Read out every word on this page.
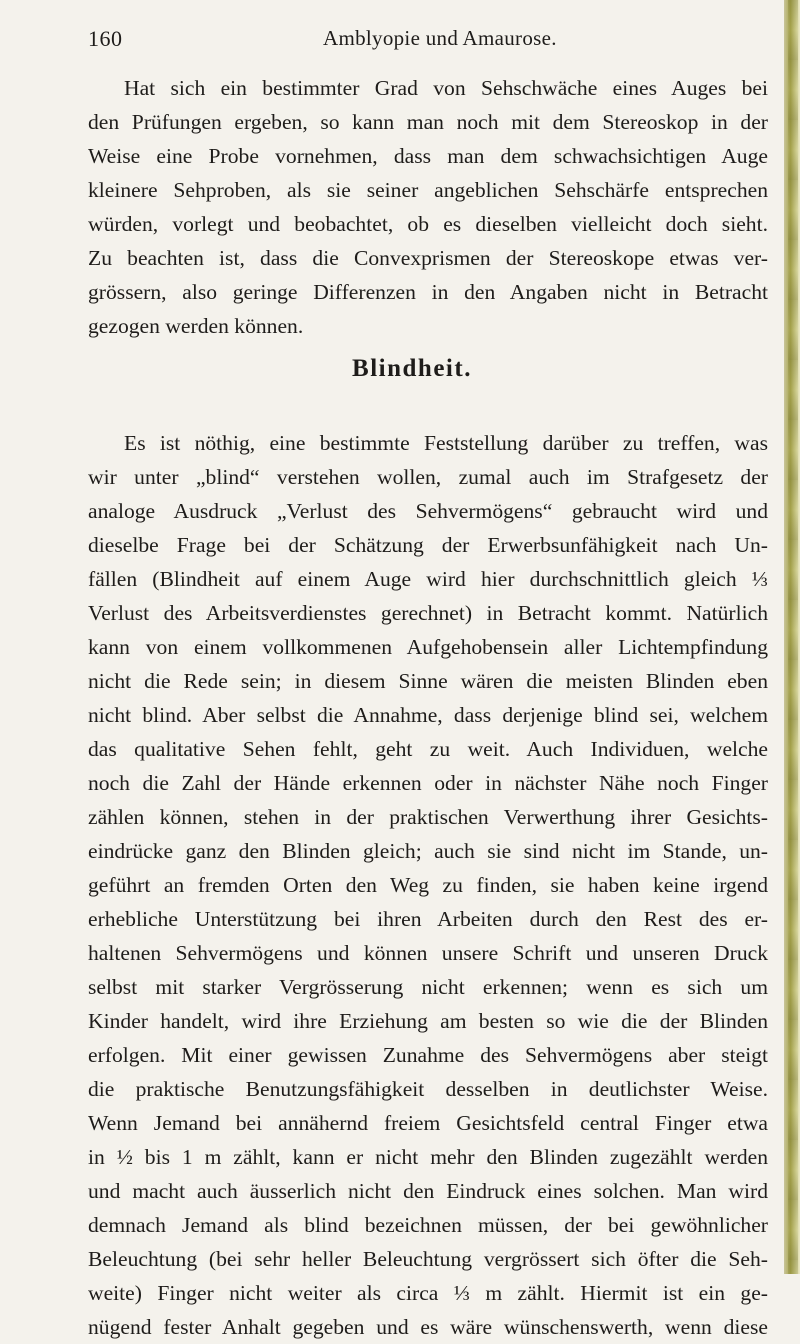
160	Amblyopie und Amaurose.
Hat sich ein bestimmter Grad von Sehschwäche eines Auges bei
den Prüfungen ergeben, so kann man noch mit dem Stereoskop in der
Weise eine Probe vornehmen, dass man dem schwachsichtigen Auge
kleinere Sehproben, als sie seiner angeblichen Sehschärfe entsprechen
würden, vorlegt und beobachtet, ob es dieselben vielleicht doch sieht.
Zu beachten ist, dass die Convexprismen der Stereoskope etwas ver-
grössern, also geringe Differenzen in den Angaben nicht in Betracht
gezogen werden können.
Blindheit.
Es ist nöthig, eine bestimmte Feststellung darüber zu treffen, was
wir unter „blind“ verstehen wollen, zumal auch im Strafgesetz der
analoge Ausdruck „Verlust des Sehvermögens“ gebraucht wird und
dieselbe Frage bei der Schätzung der Erwerbsunfähigkeit nach Un-
fällen (Blindheit auf einem Auge wird hier durchschnittlich gleich ⅓
Verlust des Arbeitsverdienstes gerechnet) in Betracht kommt. Natürlich
kann von einem vollkommenen Aufgehobensein aller Lichtempfindung
nicht die Rede sein; in diesem Sinne wären die meisten Blinden eben
nicht blind. Aber selbst die Annahme, dass derjenige blind sei, welchem
das qualitative Sehen fehlt, geht zu weit. Auch Individuen, welche
noch die Zahl der Hände erkennen oder in nächster Nähe noch Finger
zählen können, stehen in der praktischen Verwerthung ihrer Gesichts-
eindrücke ganz den Blinden gleich; auch sie sind nicht im Stande, un-
geführt an fremden Orten den Weg zu finden, sie haben keine irgend
erhebliche Unterstützung bei ihren Arbeiten durch den Rest des er-
haltenen Sehvermögens und können unsere Schrift und unseren Druck
selbst mit starker Vergrösserung nicht erkennen; wenn es sich um
Kinder handelt, wird ihre Erziehung am besten so wie die der Blinden
erfolgen. Mit einer gewissen Zunahme des Sehvermögens aber steigt
die praktische Benutzungsfähigkeit desselben in deutlichster Weise.
Wenn Jemand bei annähernd freiem Gesichtsfeld central Finger etwa
in ½ bis 1 m zählt, kann er nicht mehr den Blinden zugezählt werden
und macht auch äusserlich nicht den Eindruck eines solchen. Man wird
demnach Jemand als blind bezeichnen müssen, der bei gewöhnlicher
Beleuchtung (bei sehr heller Beleuchtung vergrössert sich öfter die Seh-
weite) Finger nicht weiter als circa ⅓ m zählt. Hiermit ist ein ge-
nügend fester Anhalt gegeben und es wäre wünschenswerth, wenn diese
